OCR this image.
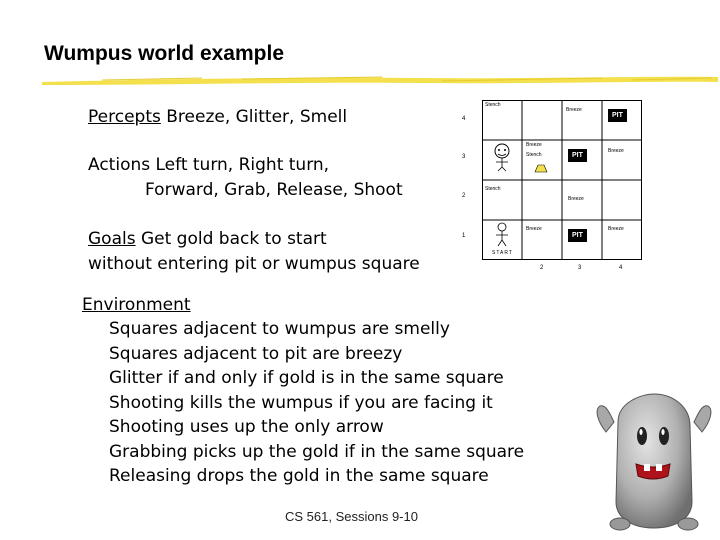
Wumpus world example
Percepts Breeze, Glitter, Smell
Actions Left turn, Right turn,
Forward, Grab, Release, Shoot
Goals Get gold back to start
without entering pit or wumpus square
Environment
Squares adjacent to wumpus are smelly
Squares adjacent to pit are breezy
Glitter if and only if gold is in the same square
Shooting kills the wumpus if you are facing it
Shooting uses up the only arrow
Grabbing picks up the gold if in the same square
Releasing drops the gold in the same square
4
3
2
1
2	3	4
Stench
Breeze
PIT
Breeze
Stench	PIT
Breeze
Stench
Breeze
START
Breeze
PIT
Breeze
CS 561, Sessions 9-10
